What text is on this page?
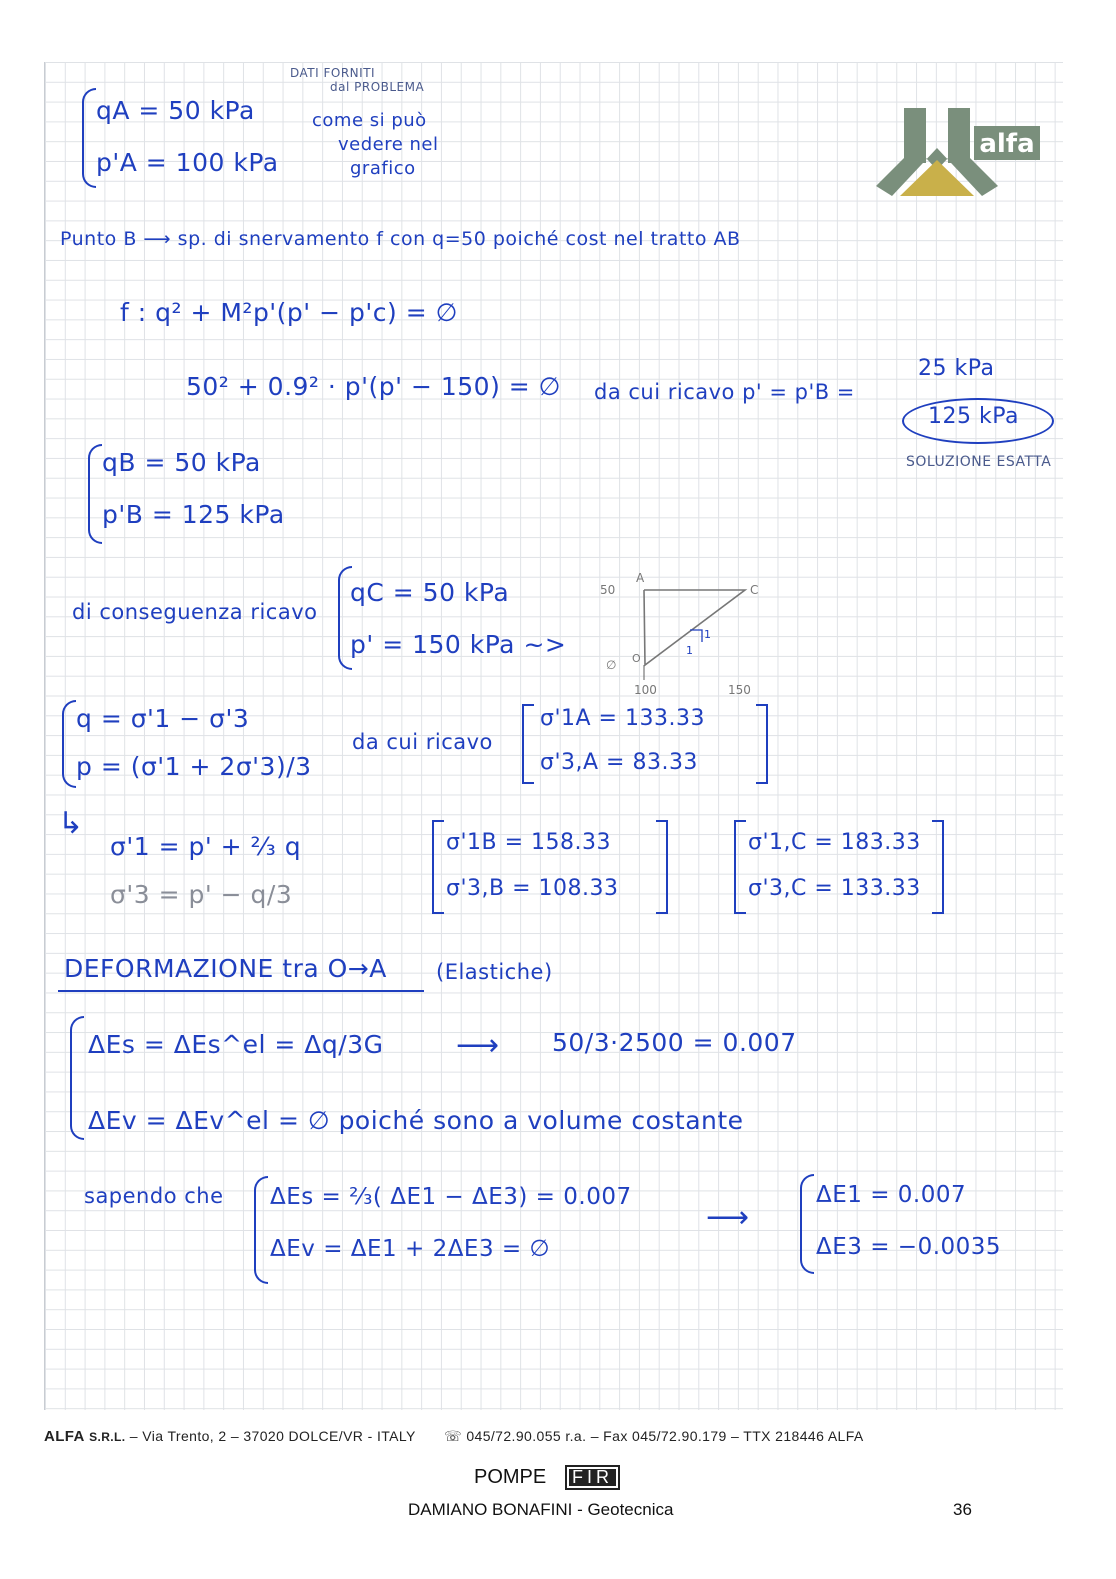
alfa
qA = 50 kPa
p'A = 100 kPa
DATI FORNITI
dal PROBLEMA
come si può
vedere nel
grafico
Punto B ⟶ sp. di snervamento f con q=50 poiché cost nel tratto AB
f : q² + M²p'(p' − p'c) = ∅
50² + 0.9² · p'(p' − 150) = ∅ da cui ricavo p' = p'B =
25 kPa
125 kPa
SOLUZIONE ESATTA
qB = 50 kPa
p'B = 125 kPa
di conseguenza ricavo
qC = 50 kPa
p' = 150 kPa ~>
50
∅
100	150
A
C
O
1
1
q = σ'1 − σ'3
p = (σ'1 + 2σ'3)/3
da cui ricavo
σ'1A = 133.33
σ'3,A = 83.33
↳
σ'1 = p' + ²⁄₃ q
σ'3 = p' − q/3
σ'1B = 158.33
σ'3,B = 108.33
σ'1,C = 183.33
σ'3,C = 133.33
DEFORMAZIONE tra O→A (Elastiche)
ΔEs = ΔEs^el = Δq/3G ⟶ 50/3·2500 = 0.007
ΔEv = ΔEv^el = ∅ poiché sono a volume costante
sapendo che ΔEs = ²⁄₃( ΔE1 − ΔE3) = 0.007
ΔEv = ΔE1 + 2ΔE3 = ∅
⟶
ΔE1 = 0.007
ΔE3 = −0.0035
ALFA S.R.L. – Via Trento, 2 – 37020 DOLCE/VR - ITALY ☏ 045/72.90.055 r.a. – Fax 045/72.90.179 – TTX 218446 ALFA
POMPE	FIR
DAMIANO BONAFINI - Geotecnica	36
